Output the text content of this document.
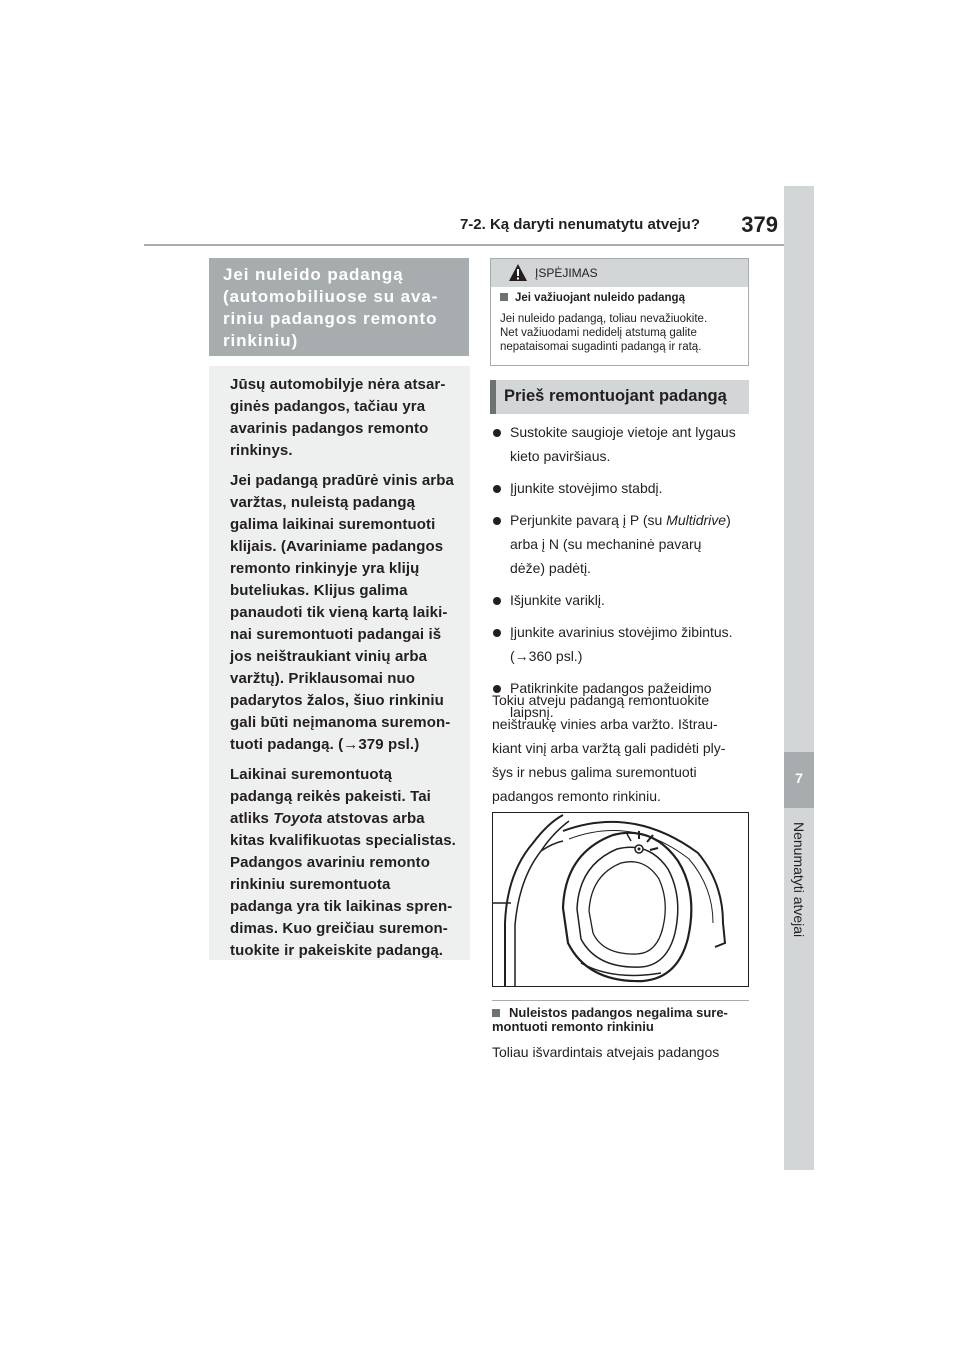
7
Nenumatyti atvejai
7-2. Ką daryti nenumatytu atveju?	379
Jei nuleido padangą
(automobiliuose su ava-
riniu padangos remonto
rinkiniu)

Jūsų automobilyje nėra atsar-
ginės padangos, tačiau yra
avarinis padangos remonto
rinkinys.

Jei padangą pradūrė vinis arba
varžtas, nuleistą padangą
galima laikinai suremontuoti
klijais. (Avariniame padangos
remonto rinkinyje yra klijų
buteliukas. Klijus galima
panaudoti tik vieną kartą laiki-
nai suremontuoti padangai iš
jos neištraukiant vinių arba
varžtų). Priklausomai nuo
padarytos žalos, šiuo rinkiniu
gali būti neįmanoma suremon-
tuoti padangą. (→379 psl.)

Laikinai suremontuotą
padangą reikės pakeisti. Tai
atliks Toyota atstovas arba
kitas kvalifikuotas specialistas.
Padangos avariniu remonto
rinkiniu suremontuota
padanga yra tik laikinas spren-
dimas. Kuo greičiau suremon-
tuokite ir pakeiskite padangą.

ĮSPĖJIMAS
Jei važiuojant nuleido padangą
Jei nuleido padangą, toliau nevažiuokite.
Net važiuodami nedidelį atstumą galite
nepataisomai sugadinti padangą ir ratą.
Prieš remontuojant padangą
Sustokite saugioje vietoje ant lygaus
kieto paviršiaus.
Įjunkite stovėjimo stabdį.
Perjunkite pavarą į P (su Multidrive)
arba į N (su mechaninė pavarų
dėže) padėtį.
Išjunkite variklį.
Įjunkite avarinius stovėjimo žibintus.
(→360 psl.)
Patikrinkite padangos pažeidimo
laipsnį.
Tokiu atveju padangą remontuokite
neištraukę vinies arba varžto. Ištrau-
kiant vinį arba varžtą gali padidėti ply-
šys ir nebus galima suremontuoti
padangos remonto rinkiniu.
Nuleistos padangos negalima sure-
montuoti remonto rinkiniu
Toliau išvardintais atvejais padangos
